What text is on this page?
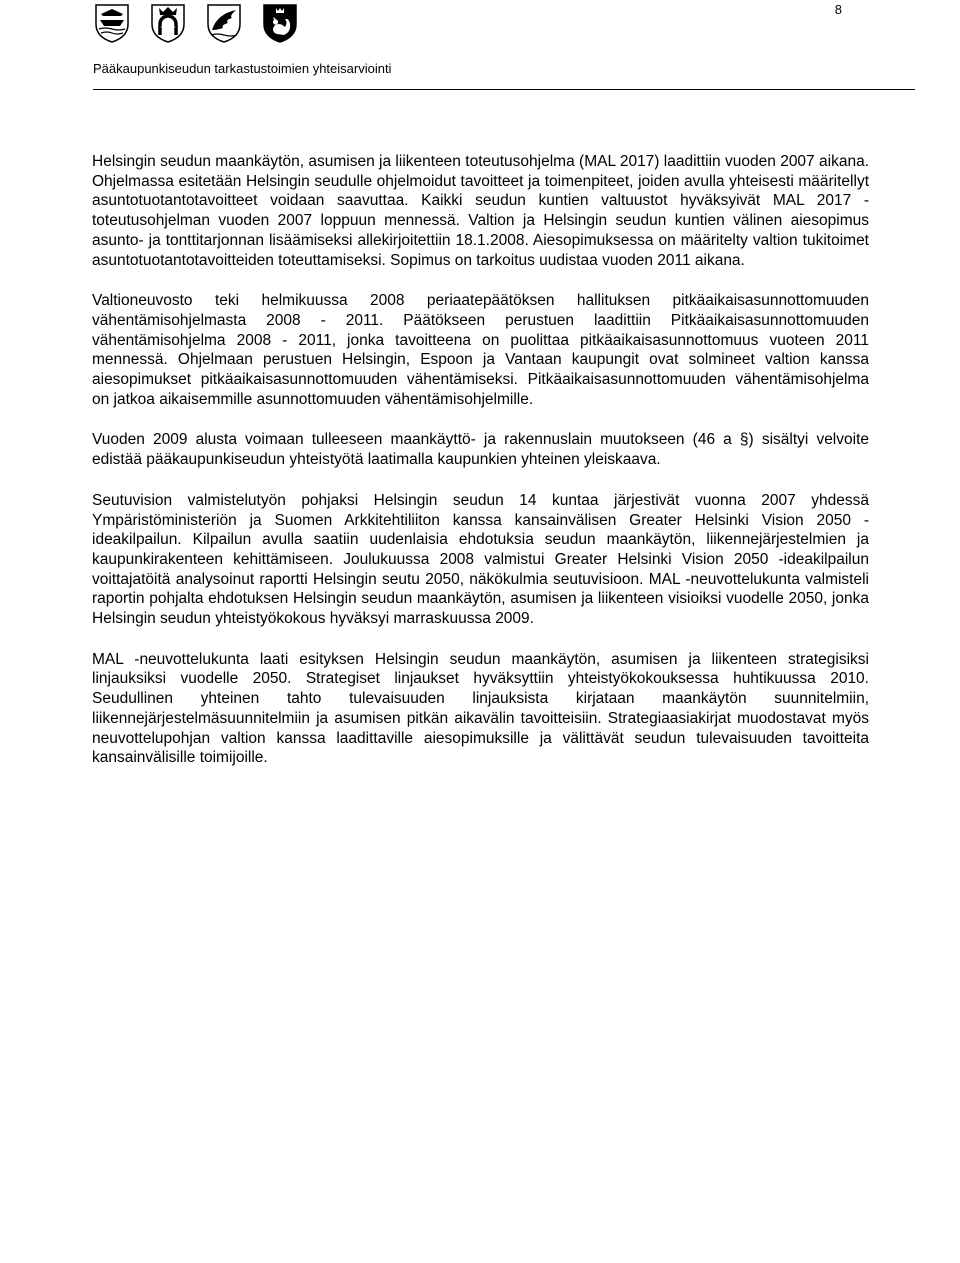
8
Pääkaupunkiseudun tarkastustoimien yhteisarviointi

Helsingin seudun maankäytön, asumisen ja liikenteen toteutusohjelma (MAL 2017) laadittiin vuoden 2007 aikana. Ohjelmassa esitetään Helsingin seudulle ohjelmoidut tavoitteet ja toimenpiteet, joiden avulla yhteisesti määritellyt asuntotuotantotavoitteet voidaan saavuttaa. Kaikki seudun kuntien valtuustot hyväksyivät MAL 2017 -toteutusohjelman vuoden 2007 loppuun mennessä. Valtion ja Helsingin seudun kuntien välinen aiesopimus asunto- ja tonttitarjonnan lisäämiseksi allekirjoitettiin 18.1.2008. Aiesopimuksessa on määritelty valtion tukitoimet asuntotuotantotavoitteiden toteuttamiseksi. Sopimus on tarkoitus uudistaa vuoden 2011 aikana.

Valtioneuvosto teki helmikuussa 2008 periaatepäätöksen hallituksen pitkäaikaisasunnottomuuden vähentämisohjelmasta 2008 - 2011. Päätökseen perustuen laadittiin Pitkäaikaisasunnottomuuden vähentämisohjelma 2008 - 2011, jonka tavoitteena on puolittaa pitkäaikaisasunnottomuus vuoteen 2011 mennessä. Ohjelmaan perustuen Helsingin, Espoon ja Vantaan kaupungit ovat solmineet valtion kanssa aiesopimukset pitkäaikaisasunnottomuuden vähentämiseksi. Pitkäaikaisasunnottomuuden vähentämisohjelma on jatkoa aikaisemmille asunnottomuuden vähentämisohjelmille.

Vuoden 2009 alusta voimaan tulleeseen maankäyttö- ja rakennuslain muutokseen (46 a §) sisältyi velvoite edistää pääkaupunkiseudun yhteistyötä laatimalla kaupunkien yhteinen yleiskaava.

Seutuvision valmistelutyön pohjaksi Helsingin seudun 14 kuntaa järjestivät vuonna 2007 yhdessä Ympäristöministeriön ja Suomen Arkkitehtiliiton kanssa kansainvälisen Greater Helsinki Vision 2050 -ideakilpailun. Kilpailun avulla saatiin uudenlaisia ehdotuksia seudun maankäytön, liikennejärjestelmien ja kaupunkirakenteen kehittämiseen. Joulukuussa 2008 valmistui Greater Helsinki Vision 2050 -ideakilpailun voittajatöitä analysoinut raportti Helsingin seutu 2050, näkökulmia seutuvisioon. MAL -neuvottelukunta valmisteli raportin pohjalta ehdotuksen Helsingin seudun maankäytön, asumisen ja liikenteen visioiksi vuodelle 2050, jonka Helsingin seudun yhteistyökokous hyväksyi marraskuussa 2009.

MAL -neuvottelukunta laati esityksen Helsingin seudun maankäytön, asumisen ja liikenteen strategisiksi linjauksiksi vuodelle 2050. Strategiset linjaukset hyväksyttiin yhteistyökokouksessa huhtikuussa 2010. Seudullinen yhteinen tahto tulevaisuuden linjauksista kirjataan maankäytön suunnitelmiin, liikennejärjestelmäsuunnitelmiin ja asumisen pitkän aikavälin tavoitteisiin. Strategiaasiakirjat muodostavat myös neuvottelupohjan valtion kanssa laadittaville aiesopimuksille ja välittävät seudun tulevaisuuden tavoitteita kansainvälisille toimijoille.
